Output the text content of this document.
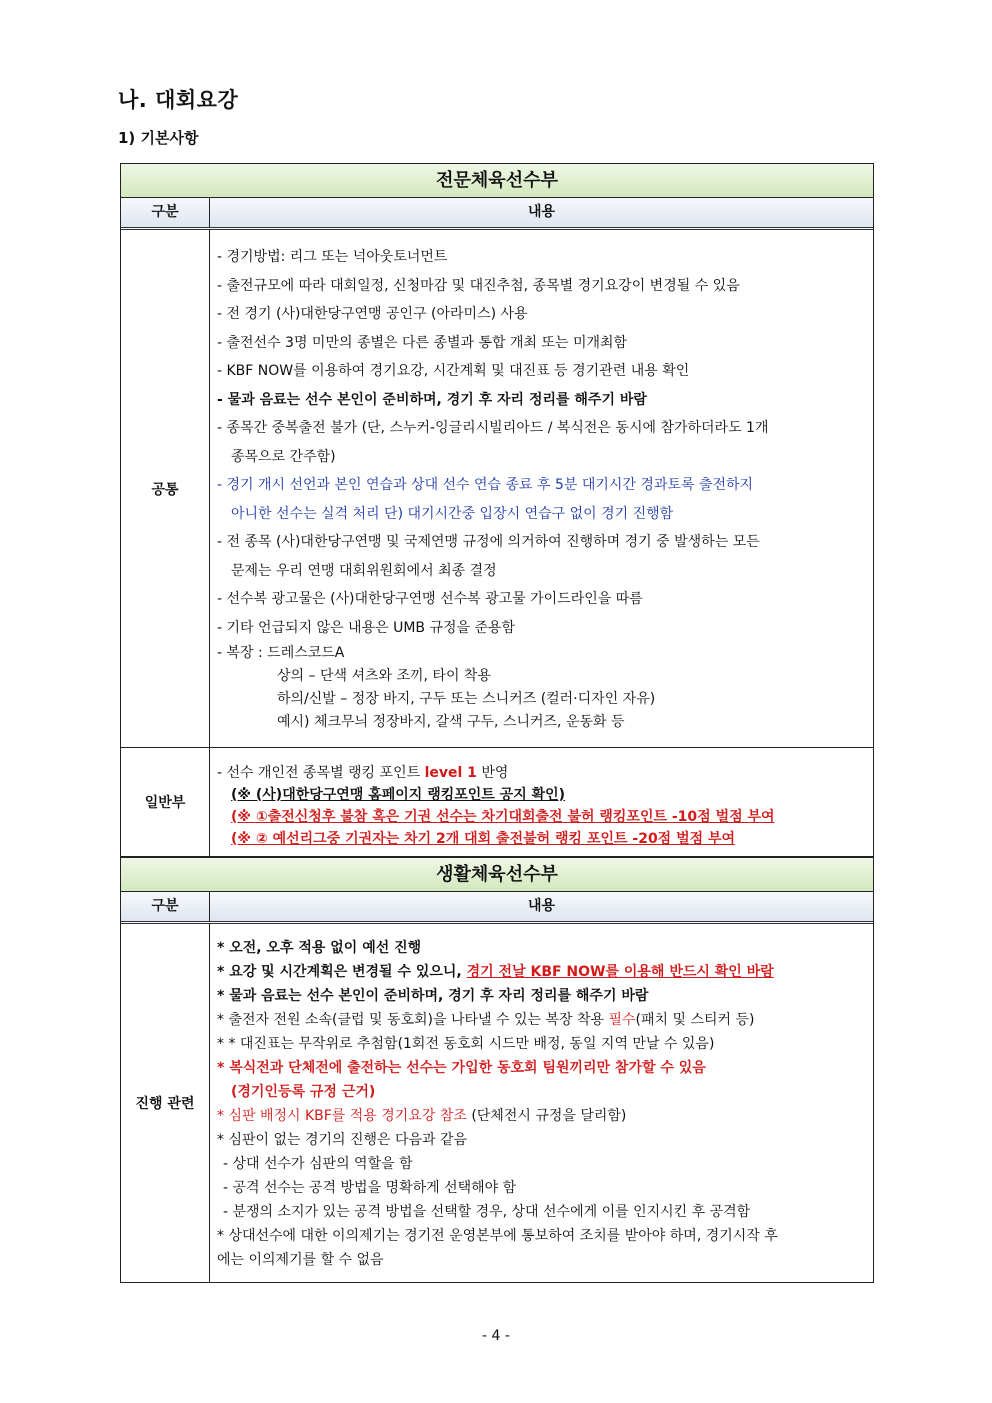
나. 대회요강
1) 기본사항
전문체육선수부
구분	내용
공통
- 경기방법: 리그 또는 넉아웃토너먼트
- 출전규모에 따라 대회일정, 신청마감 및 대진추첨, 종목별 경기요강이 변경될 수 있음
- 전 경기 (사)대한당구연맹 공인구 (아라미스) 사용
- 출전선수 3명 미만의 종별은 다른 종별과 통합 개최 또는 미개최함
- KBF NOW를 이용하여 경기요강, 시간계획 및 대진표 등 경기관련 내용 확인
- 물과 음료는 선수 본인이 준비하며, 경기 후 자리 정리를 해주기 바람
- 종목간 중복출전 불가 (단, 스누커-잉글리시빌리아드 / 복식전은 동시에 참가하더라도 1개
종목으로 간주함)
- 경기 개시 선언과 본인 연습과 상대 선수 연습 종료 후 5분 대기시간 경과토록 출전하지
아니한 선수는 실격 처리 단) 대기시간중 입장시 연습구 없이 경기 진행함
- 전 종목 (사)대한당구연맹 및 국제연맹 규정에 의거하여 진행하며 경기 중 발생하는 모든
문제는 우리 연맹 대회위원회에서 최종 결정
- 선수복 광고물은 (사)대한당구연맹 선수복 광고물 가이드라인을 따름
- 기타 언급되지 않은 내용은 UMB 규정을 준용함
- 복장 : 드레스코드A
상의 – 단색 셔츠와 조끼, 타이 착용
하의/신발 – 정장 바지, 구두 또는 스니커즈 (컬러·디자인 자유)
예시) 체크무늬 정장바지, 갈색 구두, 스니커즈, 운동화 등
일반부
- 선수 개인전 종목별 랭킹 포인트 level 1 반영
(※ (사)대한당구연맹 홈페이지 랭킹포인트 공지 확인)
(※ ①출전신청후 불참 혹은 기권 선수는 차기대회출전 불허 랭킹포인트 -10점 벌점 부여
(※ ② 예선리그중 기권자는 차기 2개 대회 출전불허 랭킹 포인트 -20점 벌점 부여
생활체육선수부
구분	내용
진행 관련
* 오전, 오후 적용 없이 예선 진행
* 요강 및 시간계획은 변경될 수 있으니, 경기 전날 KBF NOW를 이용해 반드시 확인 바람
* 물과 음료는 선수 본인이 준비하며, 경기 후 자리 정리를 해주기 바람
* 출전자 전원 소속(클럽 및 동호회)을 나타낼 수 있는 복장 착용 필수(패치 및 스티커 등)
* * 대진표는 무작위로 추첨함(1회전 동호회 시드만 배정, 동일 지역 만날 수 있음)
* 복식전과 단체전에 출전하는 선수는 가입한 동호회 팀원끼리만 참가할 수 있음
(경기인등록 규정 근거)
* 심판 배정시 KBF를 적용 경기요강 참조 (단체전시 규정을 달리함)
* 심판이 없는 경기의 진행은 다음과 같음
- 상대 선수가 심판의 역할을 함
- 공격 선수는 공격 방법을 명확하게 선택해야 함
- 분쟁의 소지가 있는 공격 방법을 선택할 경우, 상대 선수에게 이를 인지시킨 후 공격함
* 상대선수에 대한 이의제기는 경기전 운영본부에 통보하여 조치를 받아야 하며, 경기시작 후
에는 이의제기를 할 수 없음
- 4 -
